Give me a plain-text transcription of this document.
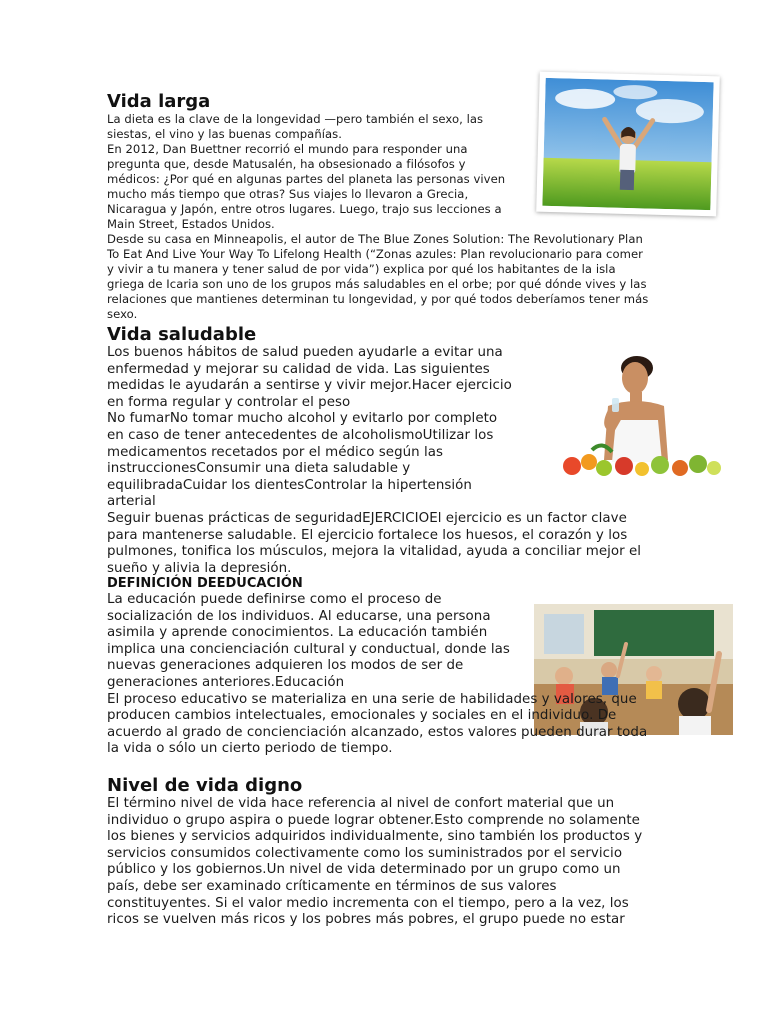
Vida larga

La dieta es la clave de la longevidad —pero también el sexo, las siestas, el vino y las buenas compañías.

En 2012, Dan Buettner recorrió el mundo para responder una pregunta que, desde Matusalén, ha obsesionado a filósofos y médicos: ¿Por qué en algunas partes del planeta las personas viven mucho más tiempo que otras? Sus viajes lo llevaron a Grecia, Nicaragua y Japón, entre otros lugares. Luego, trajo sus lecciones a Main Street, Estados Unidos.

Desde su casa en Minneapolis, el autor de The Blue Zones Solution: The Revolutionary Plan To Eat And Live Your Way To Lifelong Health (“Zonas azules: Plan revolucionario para comer y vivir a tu manera y tener salud de por vida”) explica por qué los habitantes de la isla griega de Icaria son uno de los grupos más saludables en el orbe; por qué dónde vives y las relaciones que mantienes determinan tu longevidad, y por qué todos deberíamos tener más sexo.

Vida saludable

Los buenos hábitos de salud pueden ayudarle a evitar una enfermedad y mejorar su calidad de vida. Las siguientes medidas le ayudarán a sentirse y vivir mejor.Hacer ejercicio en forma regular y controlar el peso

No fumarNo tomar mucho alcohol y evitarlo por completo en caso de tener antecedentes de alcoholismoUtilizar los medicamentos recetados por el médico según las instruccionesConsumir una dieta saludable y equilibradaCuidar los dientesControlar la hipertensión arterial

Seguir buenas prácticas de seguridadEJERCICIOEl ejercicio es un factor clave para mantenerse saludable. El ejercicio fortalece los huesos, el corazón y los pulmones, tonifica los músculos, mejora la vitalidad, ayuda a conciliar mejor el sueño y alivia la depresión.

DEFINICIÓN DEEDUCACIÓN

La educación puede definirse como el proceso de socialización de los individuos. Al educarse, una persona asimila y aprende conocimientos. La educación también implica una concienciación cultural y conductual, donde las nuevas generaciones adquieren los modos de ser de generaciones anteriores.Educación

El proceso educativo se materializa en una serie de habilidades y valores, que producen cambios intelectuales, emocionales y sociales en el individuo. De acuerdo al grado de concienciación alcanzado, estos valores pueden durar toda la vida o sólo un cierto periodo de tiempo.

Nivel de vida digno

El término nivel de vida hace referencia al nivel de confort material que un individuo o grupo aspira o puede lograr obtener.Esto comprende no solamente los bienes y servicios adquiridos individualmente, sino también los productos y servicios consumidos colectivamente como los suministrados por el servicio público y los gobiernos.Un nivel de vida determinado por un grupo como un país, debe ser examinado críticamente en términos de sus valores constituyentes. Si el valor medio incrementa con el tiempo, pero a la vez, los ricos se vuelven más ricos y los pobres más pobres, el grupo puede no estar
